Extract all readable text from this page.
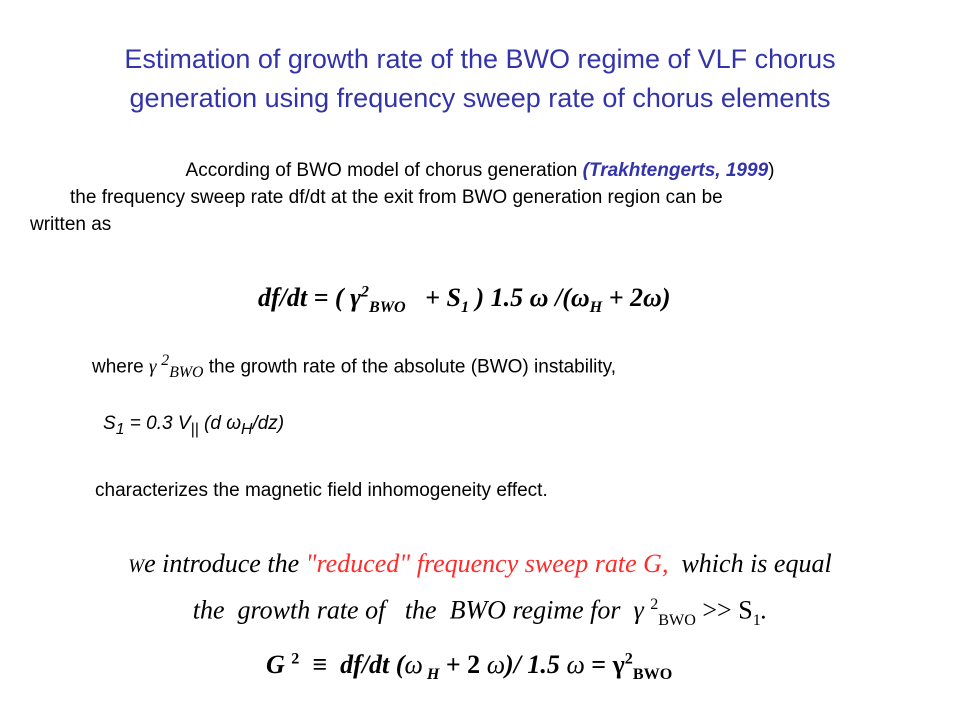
Estimation of growth rate of the BWO regime of VLF chorus
generation using frequency sweep rate of chorus elements
According of BWO model of chorus generation (Trakhtengerts, 1999)
the frequency sweep rate df/dt at the exit from BWO generation region can be
written as
df/dt = ( $\gamma^2_{BWO} + S_1$ ) 1.5 ω $/(\omega_H + 2\omega)$
where γ $^2_{BWO}$ the growth rate of the absolute (BWO) instability,
$S_1 = 0.3$ $V_{||}$ (d $\omega_H/dz$)
characterizes the magnetic field inhomogeneity effect.
We introduce the "reduced" frequency sweep rate G,  which is equal
the  growth rate of   the  BWO regime for  γ $^2_{BWO} >> S_1$.
G $^2$  ≡  df/dt (ω $_H$ + 2 ω)/ 1.5 $\omega = \gamma^2_{BWO}$
